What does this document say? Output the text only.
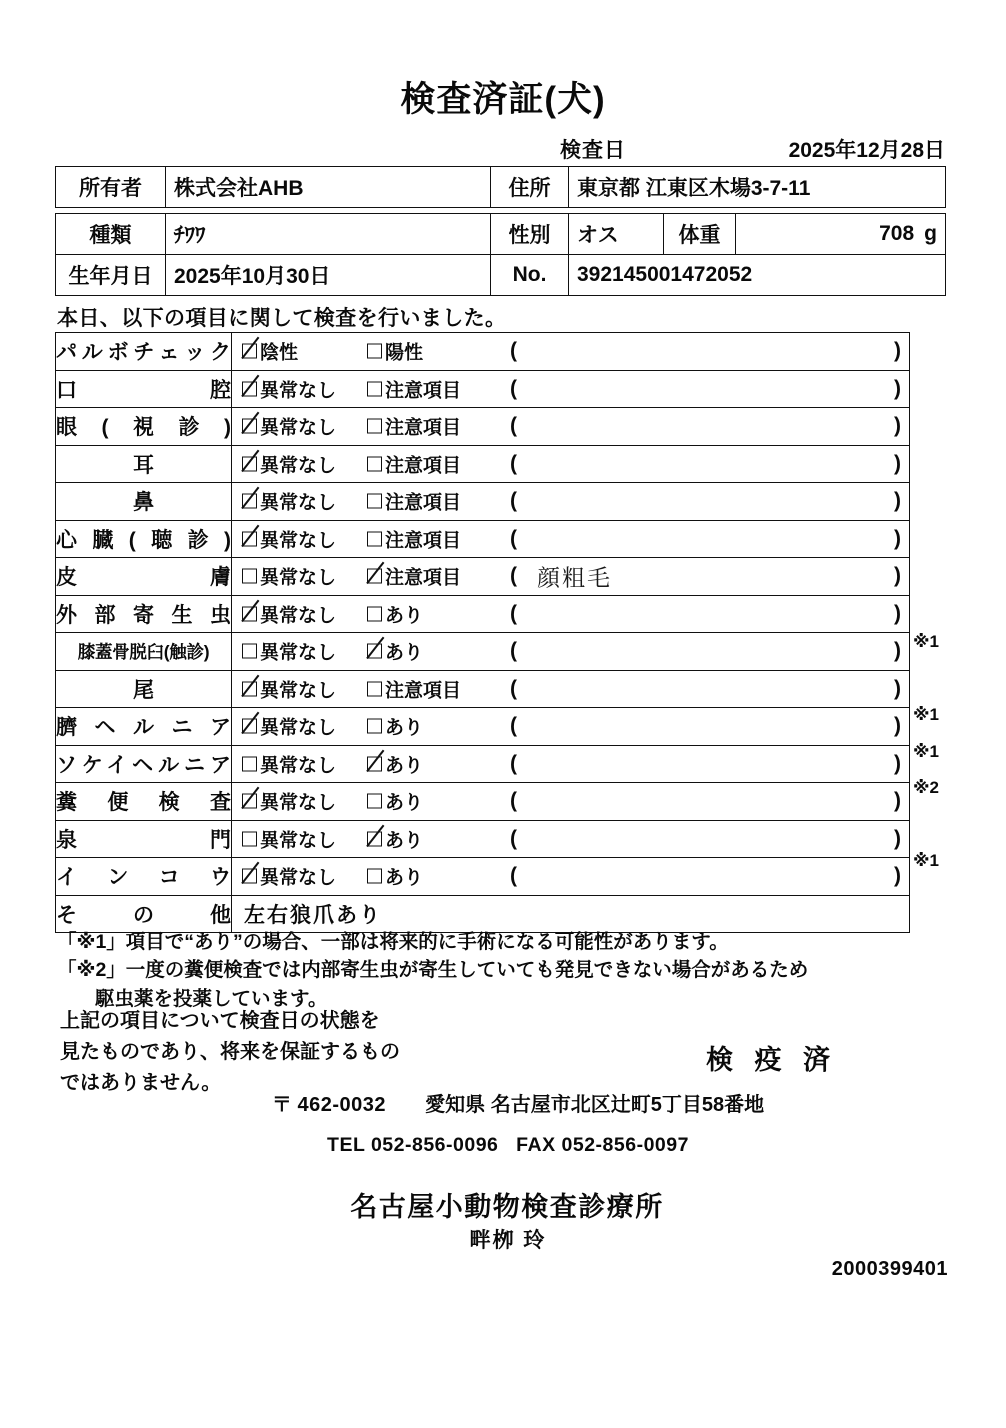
検査済証(犬)
検査日	2025年12月28日
所有者	株式会社AHB	住所	東京都 江東区木場3-7-11
種類	ﾁﾜﾜ	性別	オス	体重	708 g
生年月日	2025年10月30日	No.	392145001472052		
本日、以下の項目に関して検査を行いました。
パルボチェック	陰性 陽性 ( )

口腔	異常なし 注意項目 ( )

眼(視診)	異常なし 注意項目 ( )

耳	異常なし 注意項目 ( )

鼻	異常なし 注意項目 ( )

心臓(聴診)	異常なし 注意項目 ( )

皮膚	異常なし 注意項目 ( 顔粗毛 )

外部寄生虫	異常なし あり ( )

膝蓋骨脱臼(触診)	異常なし あり ( )

尾	異常なし 注意項目 ( )

臍ヘルニア	異常なし あり ( )

ソケイヘルニア	異常なし あり ( )

糞便検査	異常なし あり ( )

泉門	異常なし あり ( )

インコウ	異常なし あり ( )

その他	左右狼爪あり
※1
※1
※1
※2
※1
「※1」項目で“あり”の場合、一部は将来的に手術になる可能性があります。
「※2」一度の糞便検査では内部寄生虫が寄生していても発見できない場合があるため
駆虫薬を投薬しています。
上記の項目について検査日の状態を
見たものであり、将来を保証するもの
ではありません。
検 疫 済
〒 462-0032 愛知県 名古屋市北区辻町5丁目58番地
TEL 052-856-0096 FAX 052-856-0097
名古屋小動物検査診療所
畔栁 玲
2000399401
